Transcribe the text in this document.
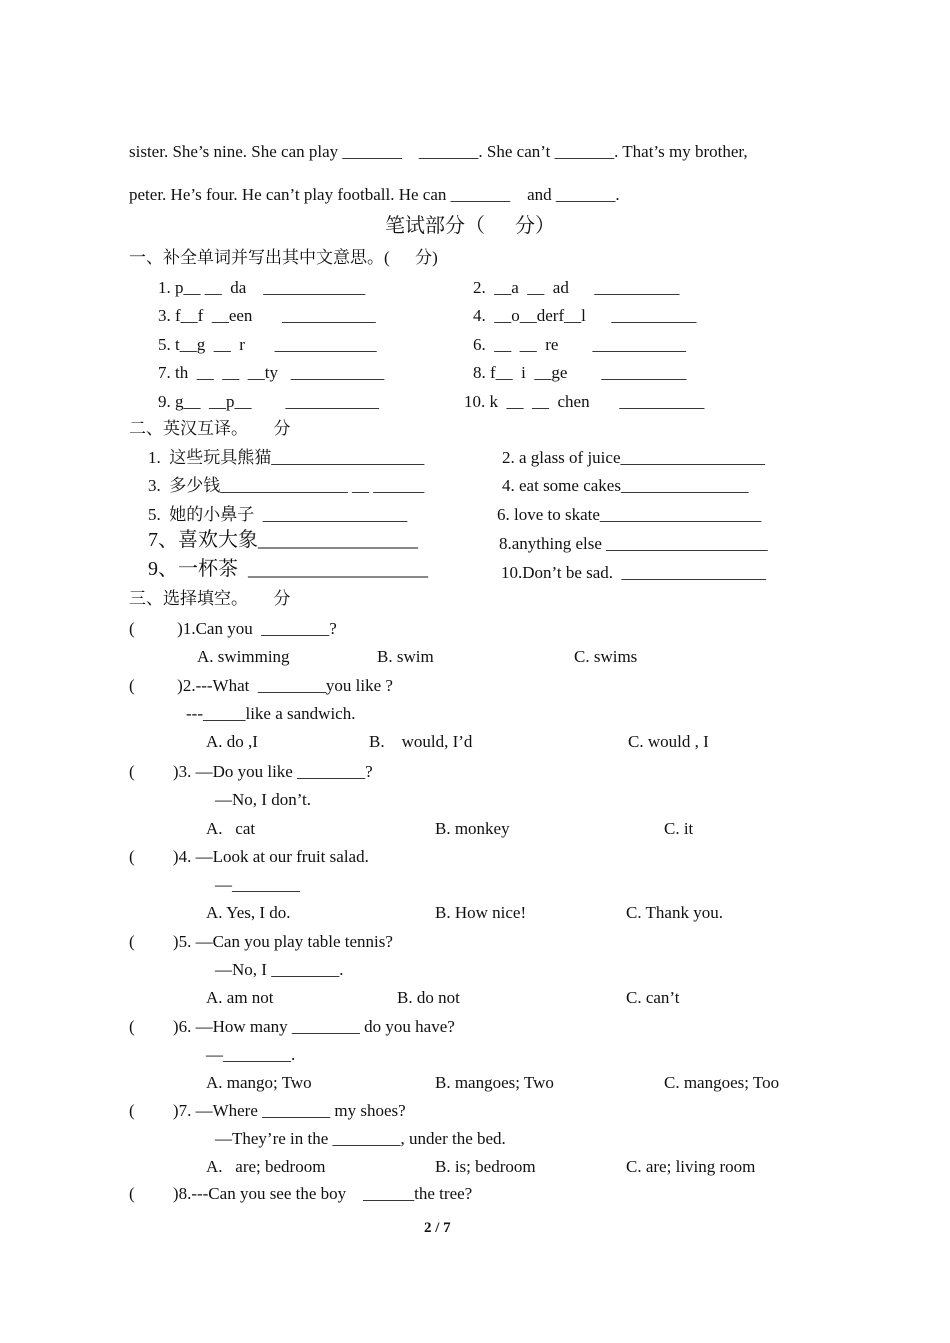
sister. She’s nine. She can play _______    _______. She can’t _______. That’s my brother,
peter. He’s four. He can’t play football. He can _______    and _______.
笔试部分（      分）
一、补全单词并写出其中文意思。(      分)
1. p__ __  da    ____________	2.  __a  __  ad      __________
3. f__f  __een       ___________	4.  __o__derf__l      __________
5. t__g  __  r       ____________	6.  __  __  re        ___________
7. th  __  __  __ty   ___________	8. f__  i  __ge        __________
9. g__  __p__        ___________	10. k  __  __  chen       __________
二、英汉互译。      分
1.  这些玩具熊猫__________________	2. a glass of juice_________________
3.  多少钱_______________ __ ______	4. eat some cakes_______________
5.  她的小鼻子  _________________	6. love to skate___________________
7、喜欢大象________________	8.anything else ___________________
9、一杯茶  __________________	10.Don’t be sad.  _________________
三、选择填空。      分
(          )1.Can you  ________?
A. swimming	B. swim	C. swims
(          )2.---What  ________you like ?
---_____like a sandwich.
A. do ,I	B.    would, I’d	C. would , I
(         )3. —Do you like ________?
—No, I don’t.
A.   cat	B. monkey	C. it
(         )4. —Look at our fruit salad.
—________
A. Yes, I do.	B. How nice!	C. Thank you.
(         )5. —Can you play table tennis?
—No, I ________.
A. am not	B. do not	C. can’t
(         )6. —How many ________ do you have?
—________.
A. mango; Two	B. mangoes; Two	C. mangoes; Too
(         )7. —Where ________ my shoes?
—They’re in the ________, under the bed.
A.   are; bedroom	B. is; bedroom	C. are; living room
(         )8.---Can you see the boy    ______the tree?
2 / 7
